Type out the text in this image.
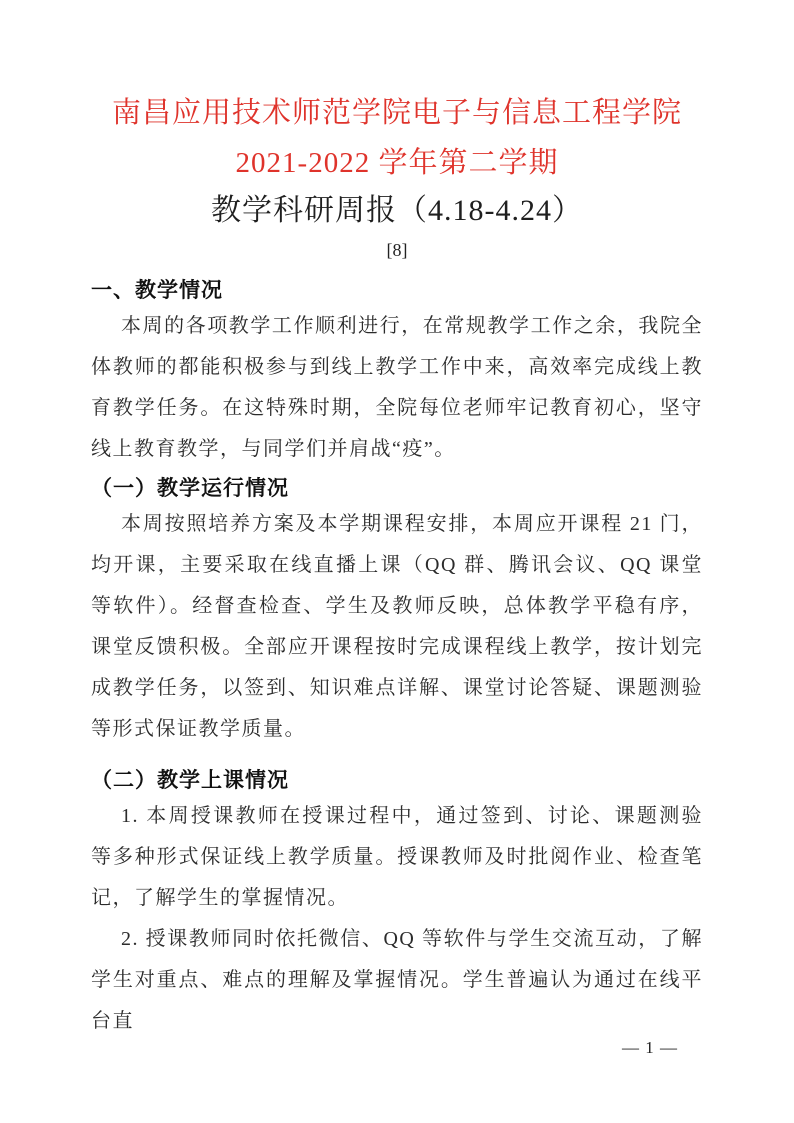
南昌应用技术师范学院电子与信息工程学院
2021-2022 学年第二学期
教学科研周报（4.18-4.24）
[8]
一、教学情况

本周的各项教学工作顺利进行，在常规教学工作之余，我院全体教师的都能积极参与到线上教学工作中来，高效率完成线上教育教学任务。在这特殊时期，全院每位老师牢记教育初心，坚守线上教育教学，与同学们并肩战“疫”。

（一）教学运行情况

本周按照培养方案及本学期课程安排，本周应开课程 21 门，均开课，主要采取在线直播上课（QQ 群、腾讯会议、QQ 课堂等软件）。经督查检查、学生及教师反映，总体教学平稳有序，课堂反馈积极。全部应开课程按时完成课程线上教学，按计划完成教学任务，以签到、知识难点详解、课堂讨论答疑、课题测验等形式保证教学质量。

（二）教学上课情况

1. 本周授课教师在授课过程中，通过签到、讨论、课题测验等多种形式保证线上教学质量。授课教师及时批阅作业、检查笔记，了解学生的掌握情况。

2. 授课教师同时依托微信、QQ 等软件与学生交流互动，了解学生对重点、难点的理解及掌握情况。学生普遍认为通过在线平台直

— 1 —
